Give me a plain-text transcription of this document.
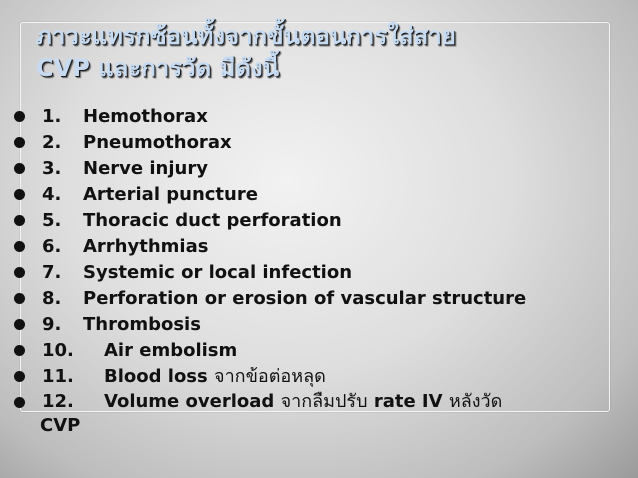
ภาวะแทรกซ้อนทั้งจากขั้นตอนการใส่สาย
CVP และการวัด มีดังนี้
1. Hemothorax
2. Pneumothorax
3. Nerve injury
4. Arterial puncture
5. Thoracic duct perforation
6. Arrhythmias
7. Systemic or local infection
8. Perforation or erosion of vascular structure
9. Thrombosis
10. Air embolism
11. Blood loss จากข้อต่อหลุด
12. Volume overload จากลืมปรับ rate IV หลังวัด
CVP
